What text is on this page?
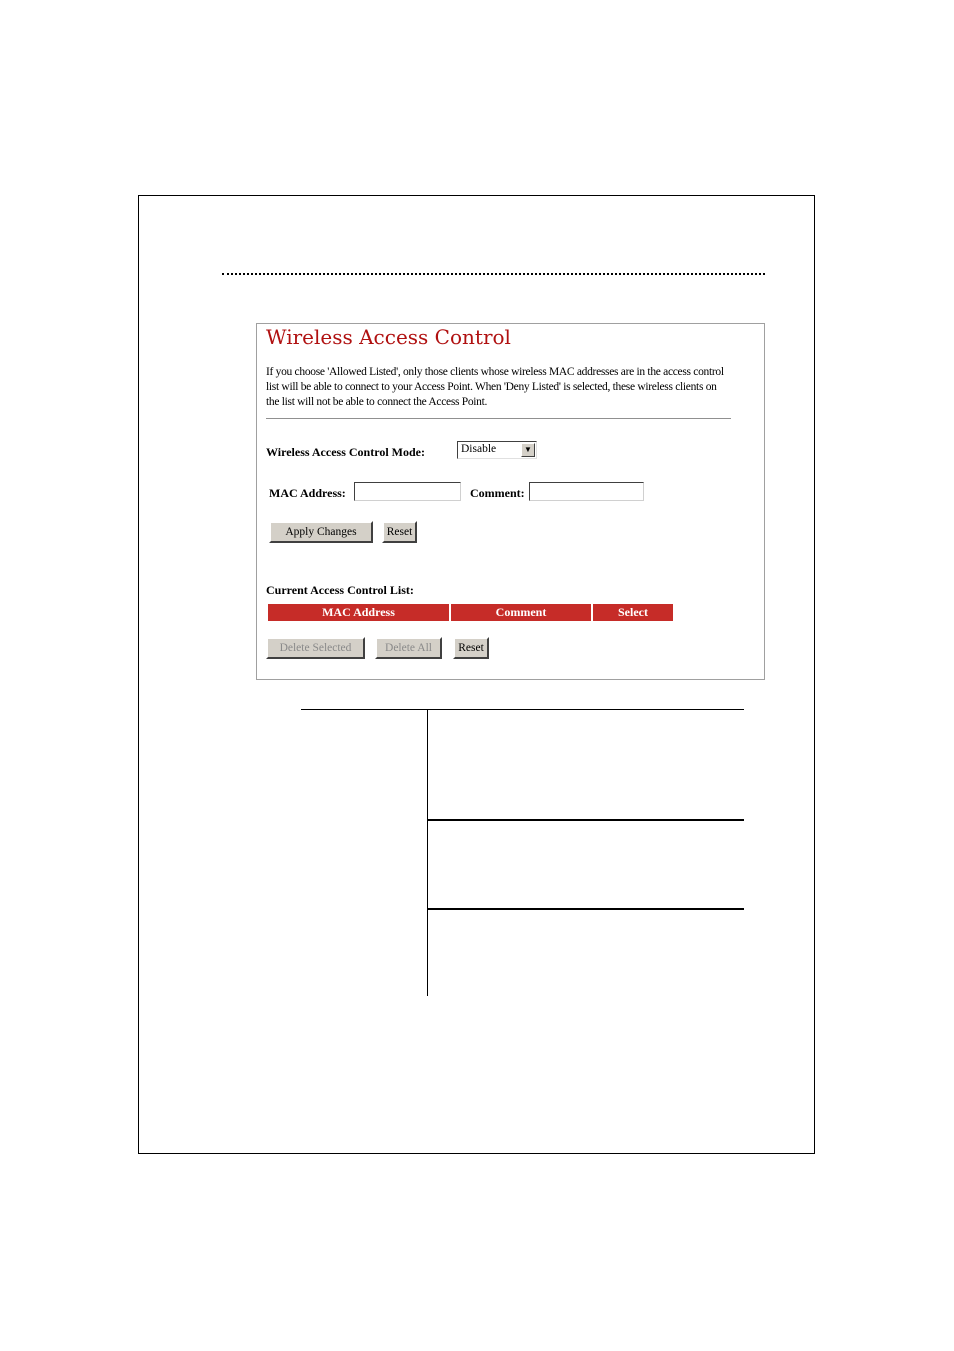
Wireless Access Control
If you choose 'Allowed Listed', only those clients whose wireless MAC addresses are in the access control list will be able to connect to your Access Point. When 'Deny Listed' is selected, these wireless clients on the list will not be able to connect the Access Point.
Wireless Access Control Mode:	Disable	▼
MAC Address:	Comment:
Apply Changes	Reset
Current Access Control List:
MAC Address	Comment	Select
Delete Selected	Delete All	Reset
